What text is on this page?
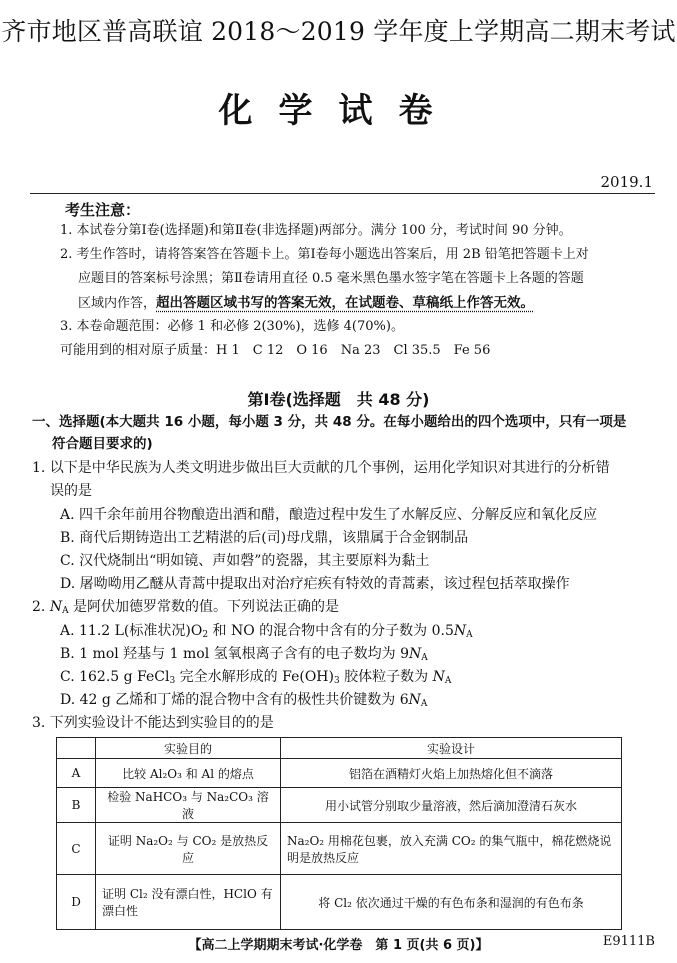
齐市地区普高联谊 2018～2019 学年度上学期高二期末考试
化学试卷
2019.1
考生注意：
1. 本试卷分第Ⅰ卷(选择题)和第Ⅱ卷(非选择题)两部分。满分 100 分，考试时间 90 分钟。
2. 考生作答时，请将答案答在答题卡上。第Ⅰ卷每小题选出答案后，用 2B 铅笔把答题卡上对
应题目的答案标号涂黑；第Ⅱ卷请用直径 0.5 毫米黑色墨水签字笔在答题卡上各题的答题
区域内作答，超出答题区域书写的答案无效，在试题卷、草稿纸上作答无效。
3. 本卷命题范围：必修 1 和必修 2(30%)，选修 4(70%)。
可能用到的相对原子质量：H 1　C 12　O 16　Na 23　Cl 35.5　Fe 56
第Ⅰ卷(选择题　共 48 分)
一、选择题(本大题共 16 小题，每小题 3 分，共 48 分。在每小题给出的四个选项中，只有一项是
符合题目要求的)
1. 以下是中华民族为人类文明进步做出巨大贡献的几个事例，运用化学知识对其进行的分析错
误的是
A. 四千余年前用谷物酿造出酒和醋，酿造过程中发生了水解反应、分解反应和氧化反应
B. 商代后期铸造出工艺精湛的后(司)母戊鼎，该鼎属于合金钢制品
C. 汉代烧制出“明如镜、声如磬”的瓷器，其主要原料为黏土
D. 屠呦呦用乙醚从青蒿中提取出对治疗疟疾有特效的青蒿素，该过程包括萃取操作
2. $N_A$ 是阿伏加德罗常数的值。下列说法正确的是
A. 11.2 L(标准状况)$O_2$ 和 NO 的混合物中含有的分子数为 $0.5N_A$
B. 1 mol 羟基与 1 mol 氢氧根离子含有的电子数均为 $9N_A$
C. 162.5 g FeCl$_3$ 完全水解形成的 $Fe(OH)_3$ 胶体粒子数为 $N_A$
D. 42 g 乙烯和丁烯的混合物中含有的极性共价键数为 $6N_A$
3. 下列实验设计不能达到实验目的的是
	实验目的	实验设计
A	比较 Al₂O₃ 和 Al 的熔点	铝箔在酒精灯火焰上加热熔化但不滴落
B	检验 NaHCO₃ 与 Na₂CO₃ 溶液	用小试管分别取少量溶液，然后滴加澄清石灰水
C	证明 Na₂O₂ 与 CO₂ 是放热反应	Na₂O₂ 用棉花包裹，放入充满 CO₂ 的集气瓶中，棉花燃烧说明是放热反应
D	证明 Cl₂ 没有漂白性，HClO 有漂白性	将 Cl₂ 依次通过干燥的有色布条和湿润的有色布条
【高二上学期期末考试·化学卷　第 1 页(共 6 页)】	E9111B
